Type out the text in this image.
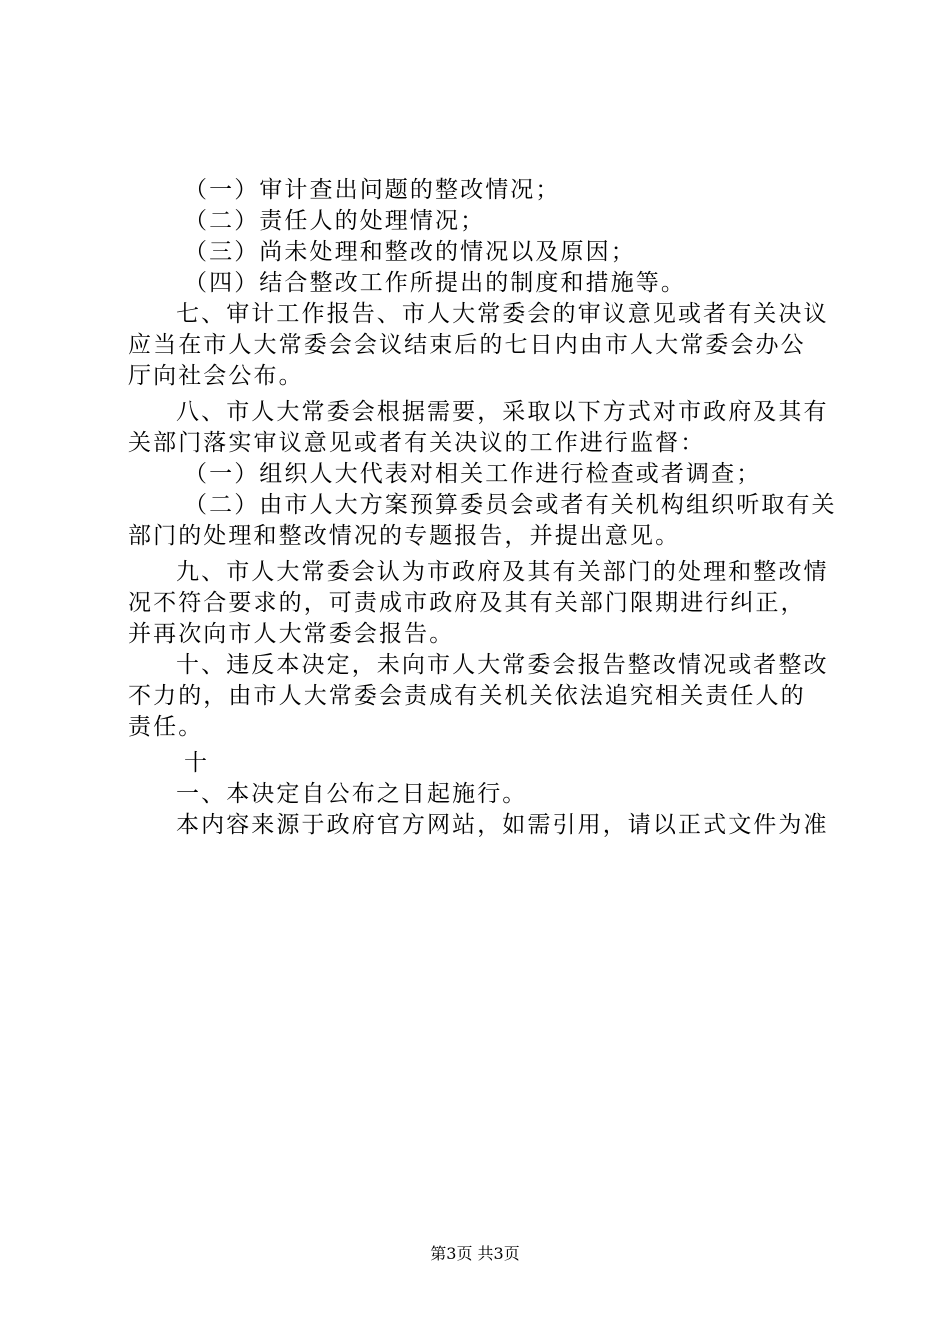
（一）审计查出问题的整改情况；
（二）责任人的处理情况；
（三）尚未处理和整改的情况以及原因；
（四）结合整改工作所提出的制度和措施等。
七、审计工作报告、市人大常委会的审议意见或者有关决议
应当在市人大常委会会议结束后的七日内由市人大常委会办公
厅向社会公布。
八、市人大常委会根据需要，采取以下方式对市政府及其有
关部门落实审议意见或者有关决议的工作进行监督：
（一）组织人大代表对相关工作进行检查或者调查；
（二）由市人大方案预算委员会或者有关机构组织听取有关
部门的处理和整改情况的专题报告，并提出意见。
九、市人大常委会认为市政府及其有关部门的处理和整改情
况不符合要求的，可责成市政府及其有关部门限期进行纠正，
并再次向市人大常委会报告。
十、违反本决定，未向市人大常委会报告整改情况或者整改
不力的，由市人大常委会责成有关机关依法追究相关责任人的
责任。
十
一、本决定自公布之日起施行。
本内容来源于政府官方网站，如需引用，请以正式文件为准
第3页 共3页
